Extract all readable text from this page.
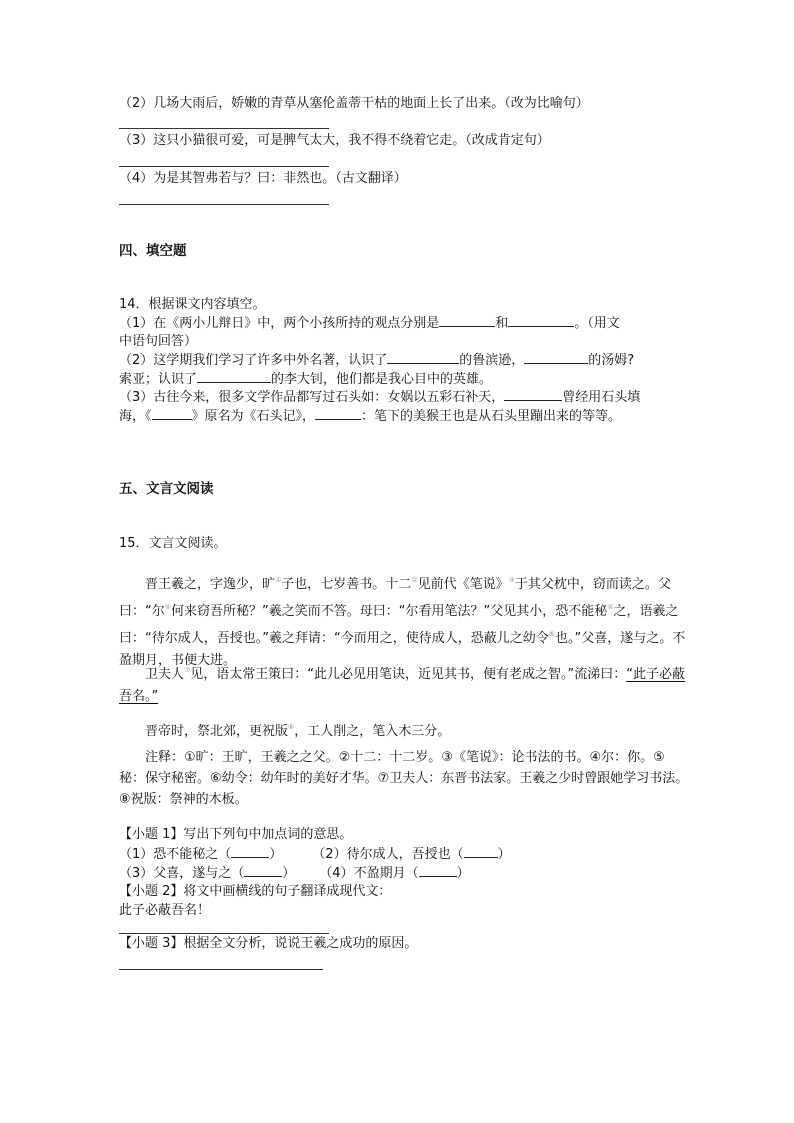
（2）几场大雨后，娇嫩的青草从塞伦盖蒂干枯的地面上长了出来。（改为比喻句）
（3）这只小猫很可爱，可是脾气太大，我不得不绕着它走。（改成肯定句）
（4）为是其智弗若与？曰：非然也。（古文翻译）
四、填空题
14．根据课文内容填空。
（1）在《两小儿辩日》中，两个小孩所持的观点分别是	和	。（用文
中语句回答）
（2）这学期我们学习了许多中外名著，认识了	的鲁滨逊，	的汤姆?
索亚；认识了	的李大钊，他们都是我心目中的英雄。
（3）古往今来，很多文学作品都写过石头如：女娲以五彩石补天，	曾经用石头填
海，《	》原名为《石头记》，	：笔下的美猴王也是从石头里蹦出来的等等。
五、文言文阅读
15．文言文阅读。
晋王羲之，字逸少，旷①子也，七岁善书。十二②见前代《笔说》③于其父枕中，窃而读之。父曰：“尔④何来窃吾所秘？”羲之笑而不答。母曰：“尔看用笔法？”父见其小，恐不能秘⑤之，语羲之曰：“待尔成人，吾授也。”羲之拜请：“今而用之，使待成人，恐蔽儿之幼令⑥也。”父喜，遂与之。不盈期月，书便大进。
卫夫人⑦见，语太常王策曰：“此儿必见用笔诀，近见其书，便有老成之智。”流涕曰：“此子必蔽吾名。”
晋帝时，祭北郊，更祝版⑧，工人削之，笔入木三分。
注释：①旷：王旷，王羲之之父。②十二：十二岁。③《笔说》：论书法的书。④尔：你。⑤秘：保守秘密。⑥幼令：幼年时的美好才华。⑦卫夫人：东晋书法家。王羲之少时曾跟她学习书法。⑧祝版：祭神的木板。
【小题 1】写出下列句中加点词的意思。
（1）恐不能秘之（	） （2）待尔成人，吾授也（	）
（3）父喜，遂与之（	） （4）不盈期月（	）
【小题 2】将文中画横线的句子翻译成现代文：
此子必蔽吾名！
【小题 3】根据全文分析，说说王羲之成功的原因。
